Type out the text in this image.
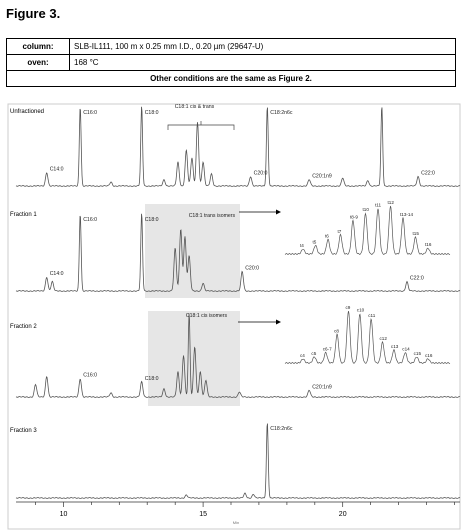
Figure 3.
column:	SLB-IL111, 100 m x 0.25 mm I.D., 0.20 µm (29647-U)
oven:	168 °C
Other conditions are the same as Figure 2.	
Unfractioned
Fraction 1
Fraction 2
Fraction 3
C14:0
C16:0	C18:0
C18:1 cis & trans
C18:2n6c
C20:0
C20:1n9
C22:0
C14:0
C16:0	C18:0
C18:1 trans isomers
C20:0
C22:0
C16:0
C18:0
C18:1 cis isomers
C20:1n9
C18:2n6c
t4
t5
t6
t7
t8-9
t10
t11 t12
t13-14
t15
t16
c4 c5
c6-7
c8
c9
c10
c11
c12
c13
c14
c15 c16
10	15	20
Min
